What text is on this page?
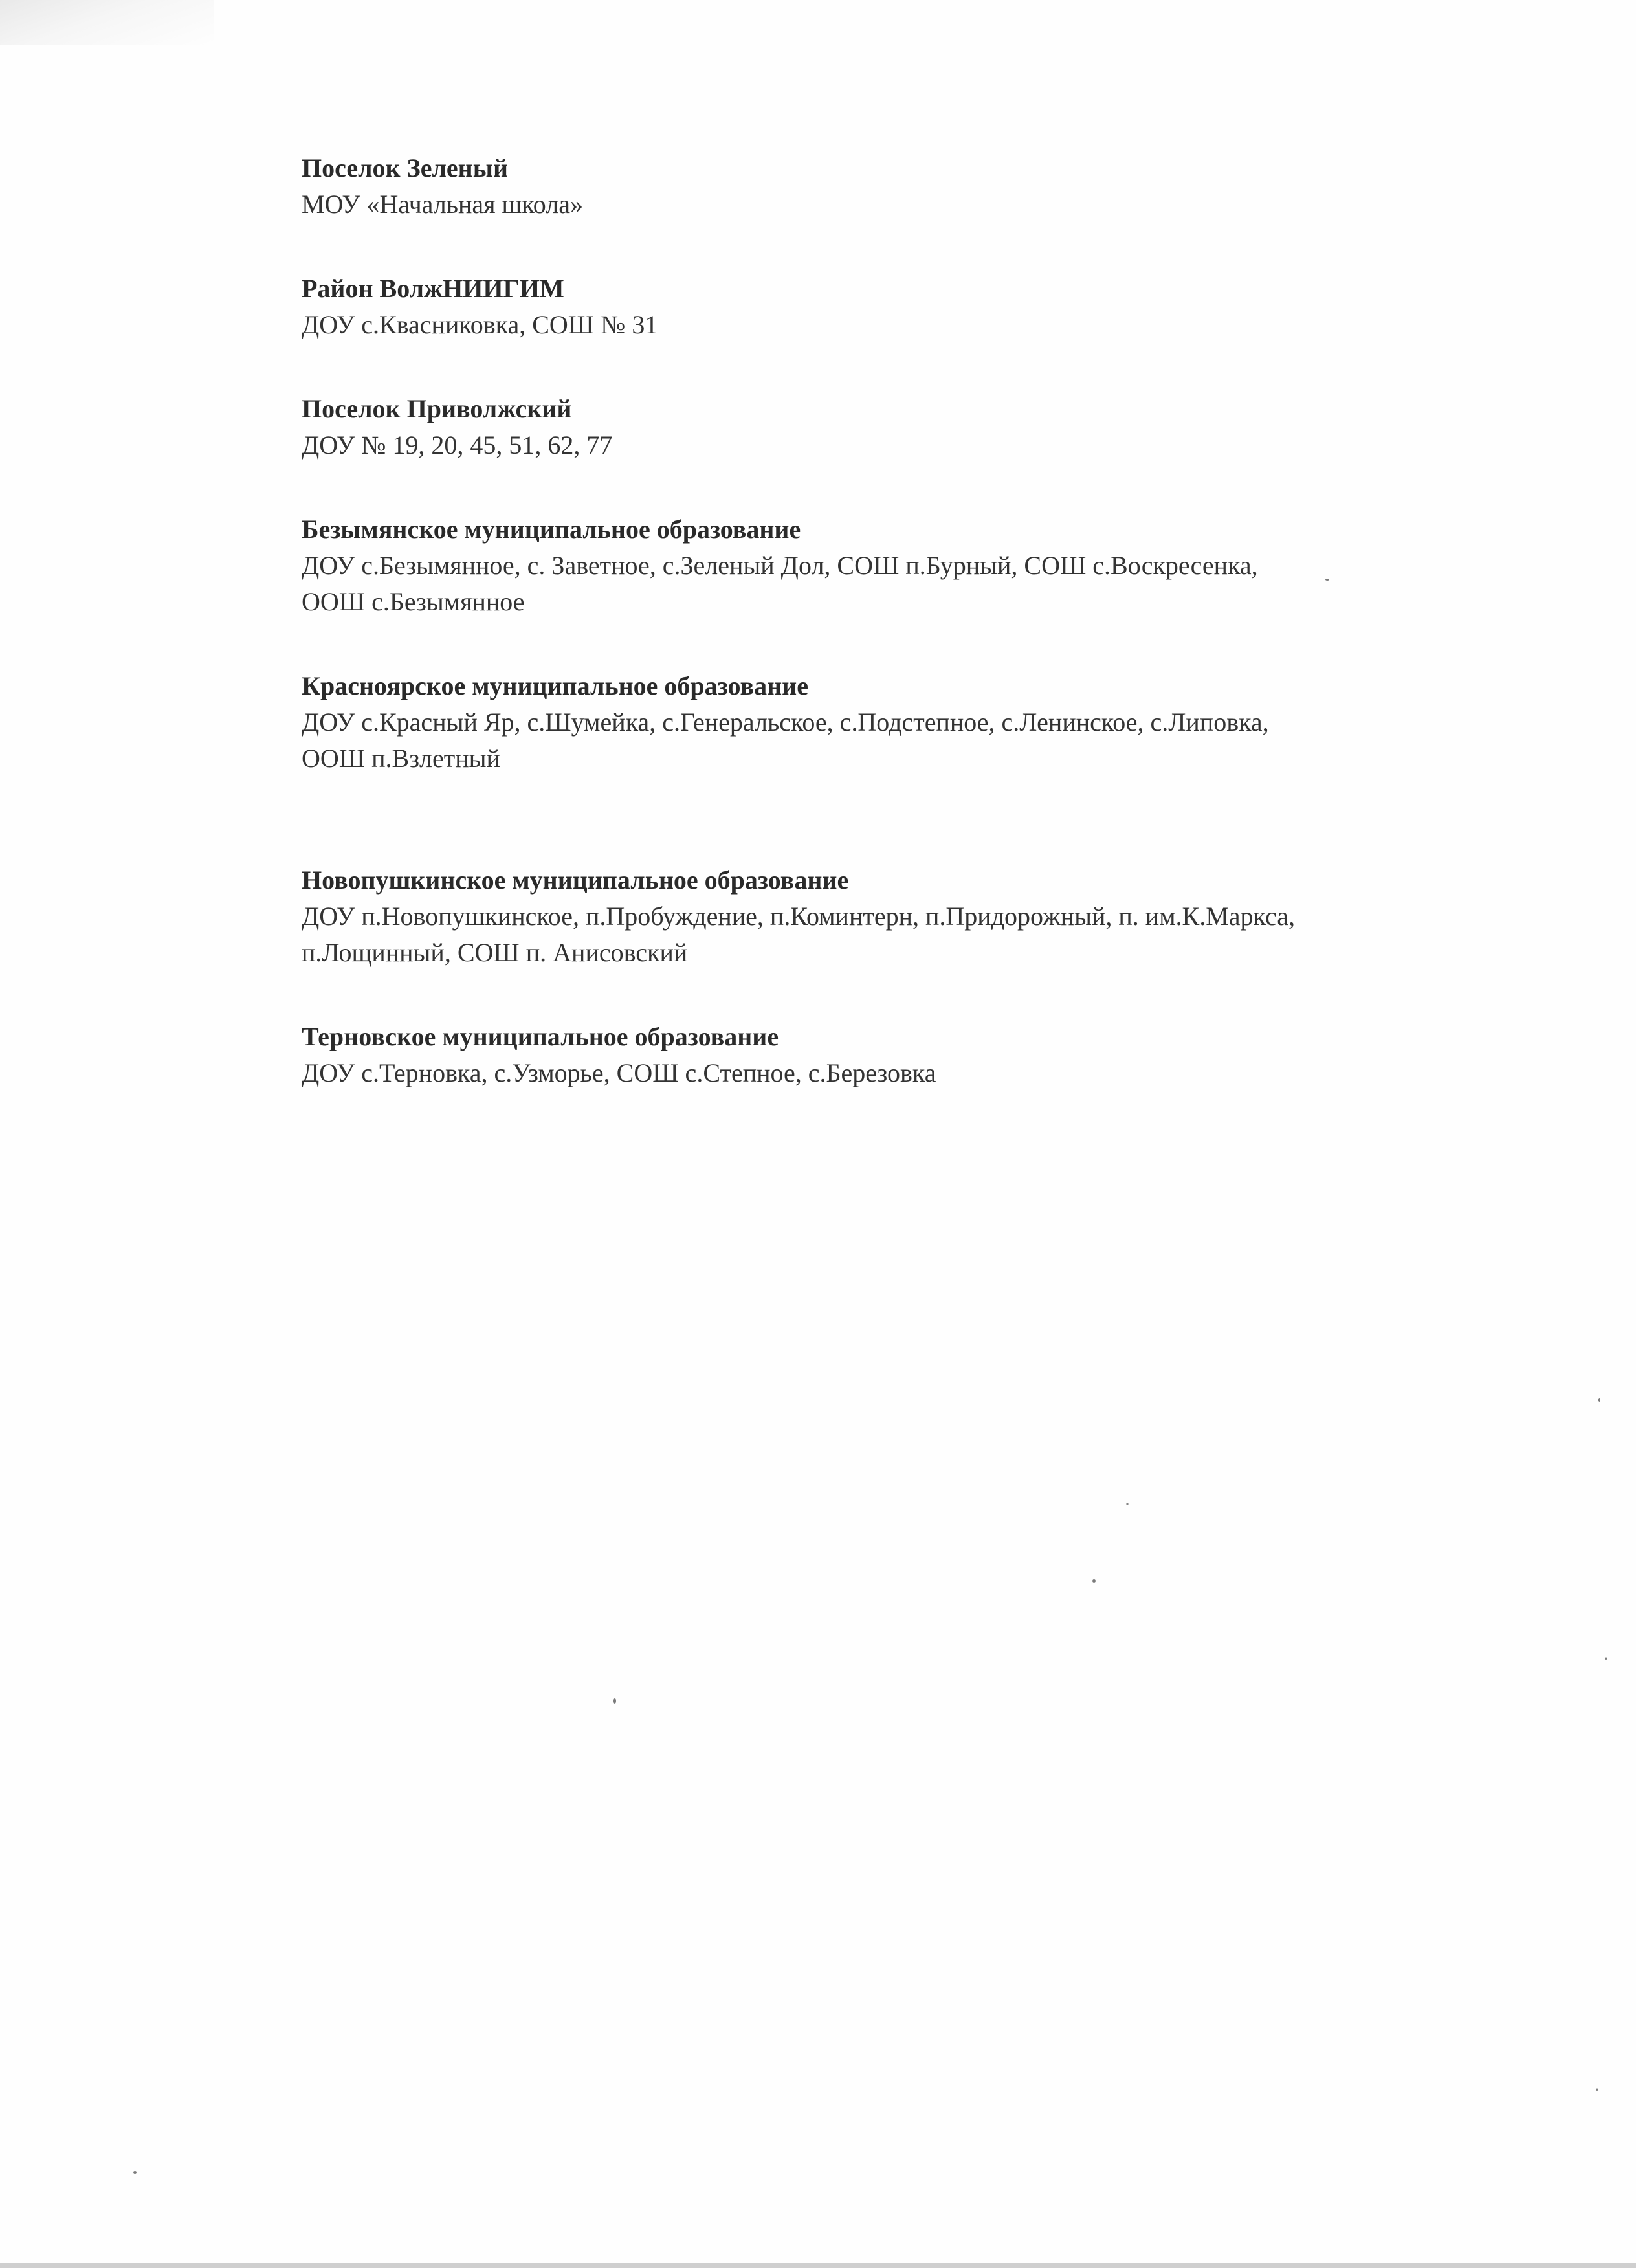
Поселок Зеленый

МОУ «Начальная школа»

Район ВолжНИИГИМ

ДОУ с.Квасниковка, СОШ № 31

Поселок Приволжский

ДОУ № 19, 20, 45, 51, 62, 77

Безымянское муниципальное образование

ДОУ с.Безымянное, с. Заветное, с.Зеленый Дол, СОШ п.Бурный, СОШ с.Воскресенка,

ООШ с.Безымянное

Красноярское муниципальное образование

ДОУ с.Красный Яр, с.Шумейка, с.Генеральское, с.Подстепное, с.Ленинское, с.Липовка,

ООШ п.Взлетный

Новопушкинское муниципальное образование

ДОУ п.Новопушкинское, п.Пробуждение, п.Коминтерн, п.Придорожный, п. им.К.Маркса,

п.Лощинный, СОШ п. Анисовский

Терновское муниципальное образование

ДОУ с.Терновка, с.Узморье, СОШ с.Степное, с.Березовка
